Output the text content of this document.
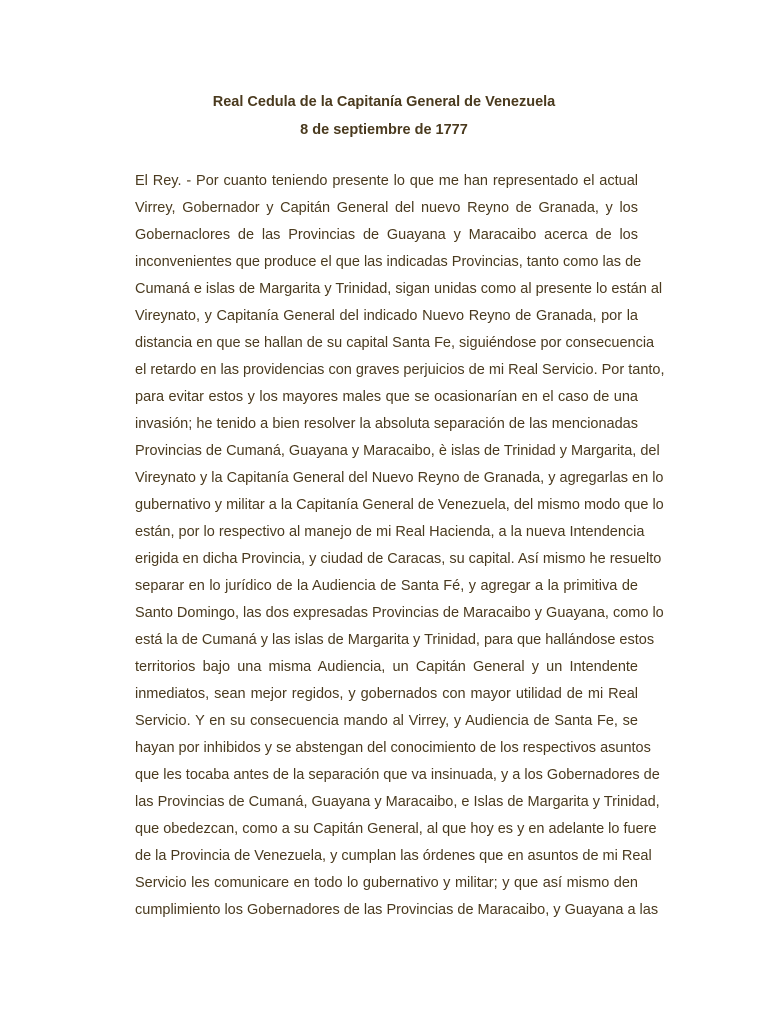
Real Cedula de la Capitanía General de Venezuela
8 de septiembre de 1777
El Rey. - Por cuanto teniendo presente lo que me han representado el actual
Virrey, Gobernador y Capitán General del nuevo Reyno de Granada, y los
Gobernaclores de las Provincias de Guayana y Maracaibo acerca de los
inconvenientes que produce el que las indicadas Provincias, tanto como las de
Cumaná e islas de Margarita y Trinidad, sigan unidas como al presente lo están al
Vireynato, y Capitanía General del indicado Nuevo Reyno de Granada, por la
distancia en que se hallan de su capital Santa Fe, siguiéndose por consecuencia
el retardo en las providencias con graves perjuicios de mi Real Servicio. Por tanto,
para evitar estos y los mayores males que se ocasionarían en el caso de una
invasión; he tenido a bien resolver la absoluta separación de las mencionadas
Provincias de Cumaná, Guayana y Maracaibo, è islas de Trinidad y Margarita, del
Vireynato y la Capitanía General del Nuevo Reyno de Granada, y agregarlas en lo
gubernativo y militar a la Capitanía General de Venezuela, del mismo modo que lo
están, por lo respectivo al manejo de mi Real Hacienda, a la nueva Intendencia
erigida en dicha Provincia, y ciudad de Caracas, su capital. Así mismo he resuelto
separar en lo jurídico de la Audiencia de Santa Fé, y agregar a la primitiva de
Santo Domingo, las dos expresadas Provincias de Maracaibo y Guayana, como lo
está la de Cumaná y las islas de Margarita y Trinidad, para que hallándose estos
territorios bajo una misma Audiencia, un Capitán General y un Intendente
inmediatos, sean mejor regidos, y gobernados con mayor utilidad de mi Real
Servicio. Y en su consecuencia mando al Virrey, y Audiencia de Santa Fe, se
hayan por inhibidos y se abstengan del conocimiento de los respectivos asuntos
que les tocaba antes de la separación que va insinuada, y a los Gobernadores de
las Provincias de Cumaná, Guayana y Maracaibo, e Islas de Margarita y Trinidad,
que obedezcan, como a su Capitán General, al que hoy es y en adelante lo fuere
de la Provincia de Venezuela, y cumplan las órdenes que en asuntos de mi Real
Servicio les comunicare en todo lo gubernativo y militar; y que así mismo den
cumplimiento los Gobernadores de las Provincias de Maracaibo, y Guayana a las
